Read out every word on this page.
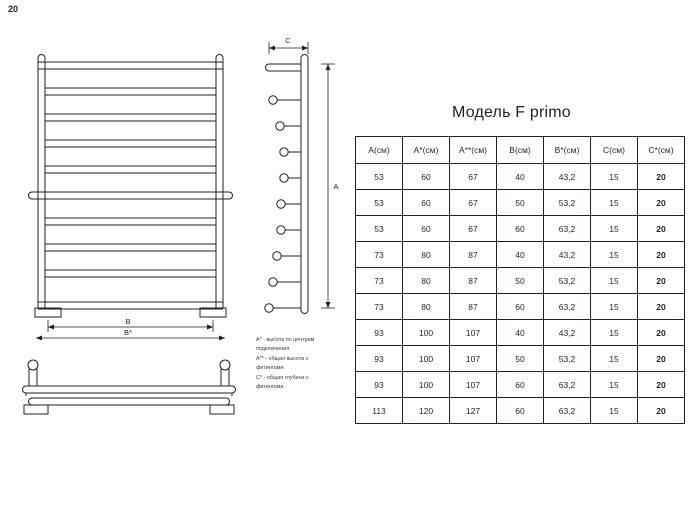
20
B
B*
C
A
А* - высота по центрам
подключения
А** - общая высота с
фитингами
С* - общая глубина с
фитингами
Модель F primo
А(см)	А*(см)	А**(см)	В(см)	В*(см)	С(см)	С*(см)
53	60	67	40	43,2	15	20
53	60	67	50	53,2	15	20
53	60	67	60	63,2	15	20
73	80	87	40	43,2	15	20
73	80	87	50	53,2	15	20
73	80	87	60	63,2	15	20
93	100	107	40	43,2	15	20
93	100	107	50	53,2	15	20
93	100	107	60	63,2	15	20
113	120	127	60	63,2	15	20
